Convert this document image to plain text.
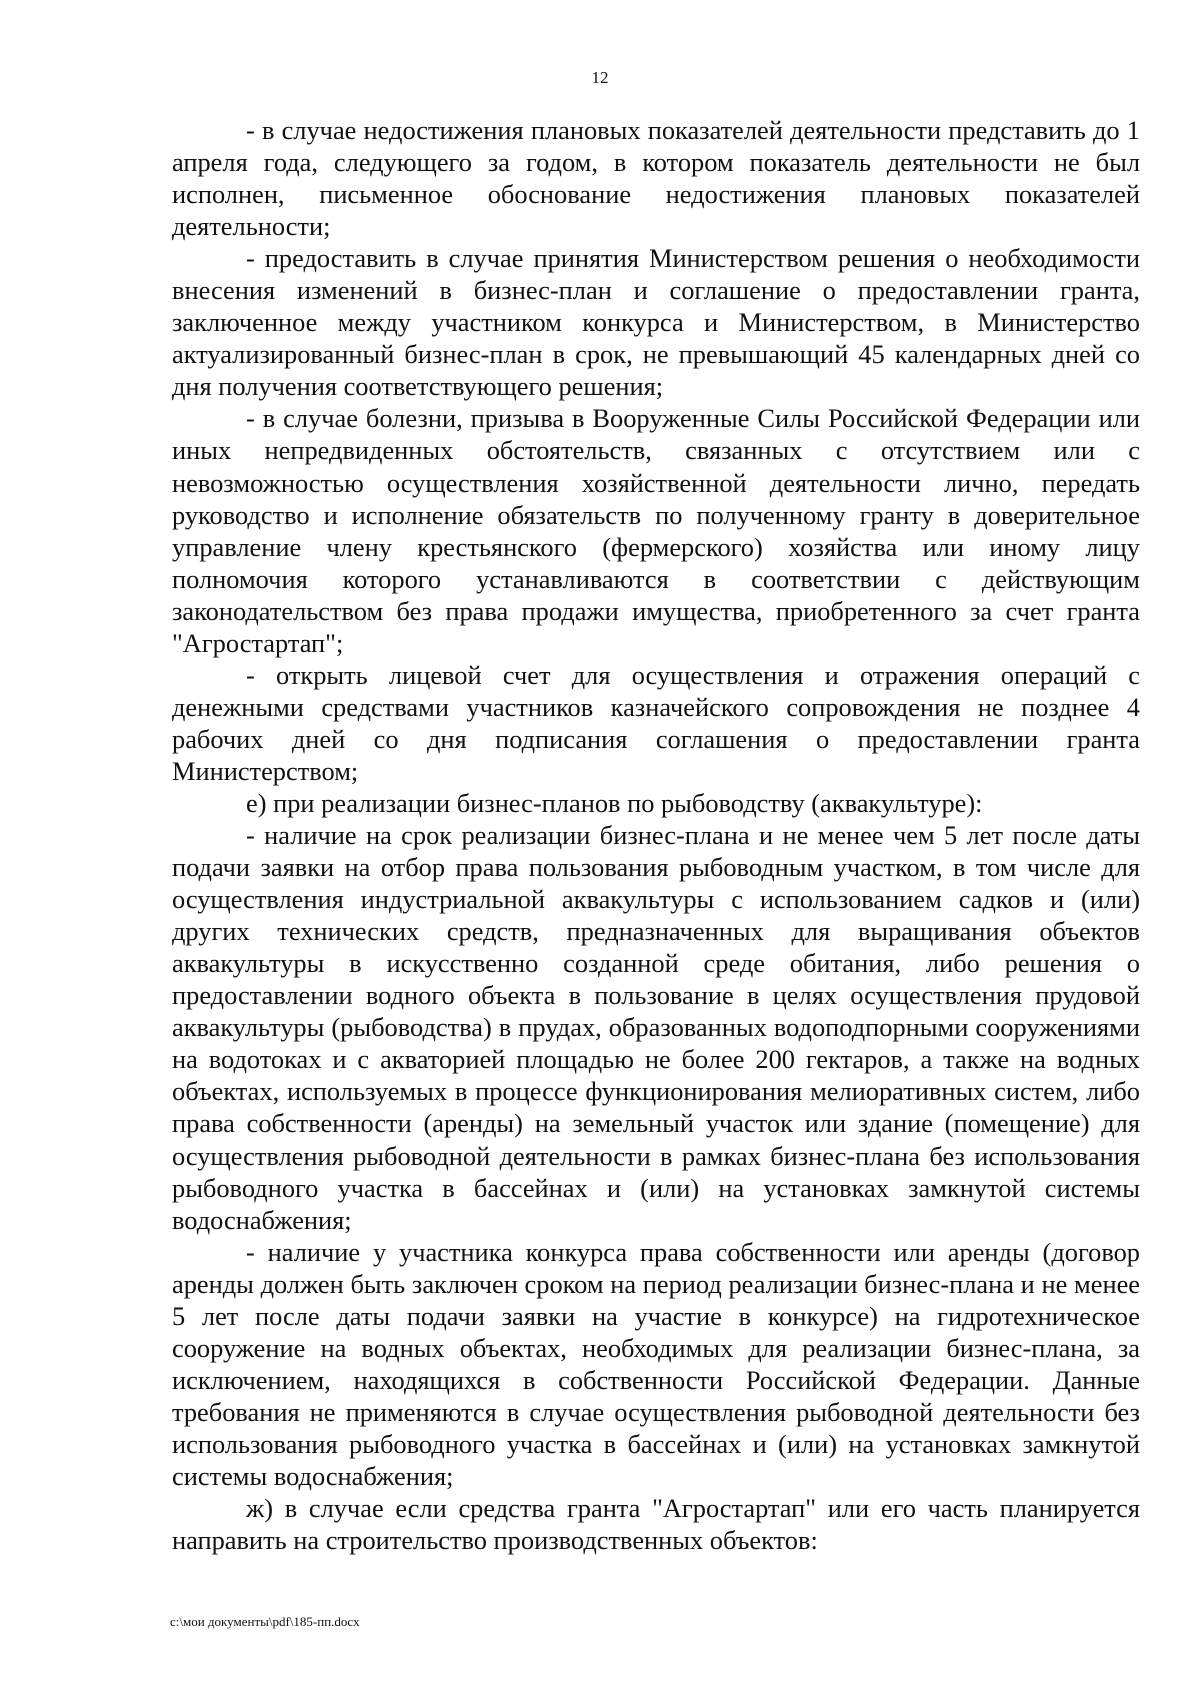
12

- в случае недостижения плановых показателей деятельности представить до 1 апреля года, следующего за годом, в котором показатель деятельности не был исполнен, письменное обоснование недостижения плановых показателей деятельности;

- предоставить в случае принятия Министерством решения о необходимости внесения изменений в бизнес-план и соглашение о предоставлении гранта, заключенное между участником конкурса и Министерством, в Министерство актуализированный бизнес-план в срок, не превышающий 45 календарных дней со дня получения соответствующего решения;

- в случае болезни, призыва в Вооруженные Силы Российской Федерации или иных непредвиденных обстоятельств, связанных с отсутствием или с невозможностью осуществления хозяйственной деятельности лично, передать руководство и исполнение обязательств по полученному гранту в доверительное управление члену крестьянского (фермерского) хозяйства или иному лицу полномочия которого устанавливаются в соответствии с действующим законодательством без права продажи имущества, приобретенного за счет гранта "Агростартап";

- открыть лицевой счет для осуществления и отражения операций с денежными средствами участников казначейского сопровождения не позднее 4 рабочих дней со дня подписания соглашения о предоставлении гранта Министерством;

е) при реализации бизнес-планов по рыбоводству (аквакультуре):

- наличие на срок реализации бизнес-плана и не менее чем 5 лет после даты подачи заявки на отбор права пользования рыбоводным участком, в том числе для осуществления индустриальной аквакультуры с использованием садков и (или) других технических средств, предназначенных для выращивания объектов аквакультуры в искусственно созданной среде обитания, либо решения о предоставлении водного объекта в пользование в целях осуществления прудовой аквакультуры (рыбоводства) в прудах, образованных водоподпорными сооружениями на водотоках и с акваторией площадью не более 200 гектаров, а также на водных объектах, используемых в процессе функционирования мелиоративных систем, либо права собственности (аренды) на земельный участок или здание (помещение) для осуществления рыбоводной деятельности в рамках бизнес-плана без использования рыбоводного участка в бассейнах и (или) на установках замкнутой системы водоснабжения;

- наличие у участника конкурса права собственности или аренды (договор аренды должен быть заключен сроком на период реализации бизнес-плана и не менее 5 лет после даты подачи заявки на участие в конкурсе) на гидротехническое сооружение на водных объектах, необходимых для реализации бизнес-плана, за исключением, находящихся в собственности Российской Федерации. Данные требования не применяются в случае осуществления рыбоводной деятельности без использования рыбоводного участка в бассейнах и (или) на установках замкнутой системы водоснабжения;

ж) в случае если средства гранта "Агростартап" или его часть планируется направить на строительство производственных объектов:

c:\мои документы\pdf\185-пп.docx
